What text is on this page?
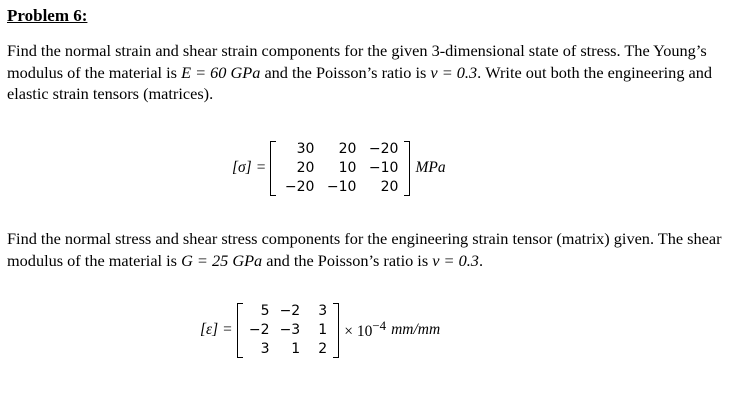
Problem 6:
Find the normal strain and shear strain components for the given 3-dimensional state of stress. The Young’s modulus of the material is E = 60 GPa and the Poisson’s ratio is ν = 0.3. Write out both the engineering and elastic strain tensors (matrices).
[σ] =
30	20	−20
20	10	−10
−20	−10	20
MPa
Find the normal stress and shear stress components for the engineering strain tensor (matrix) given. The shear modulus of the material is G = 25 GPa and the Poisson’s ratio is ν = 0.3.
[ε] =
5	−2	3
−2	−3	1
3	1	2
× $10^{-4}$ mm/mm
